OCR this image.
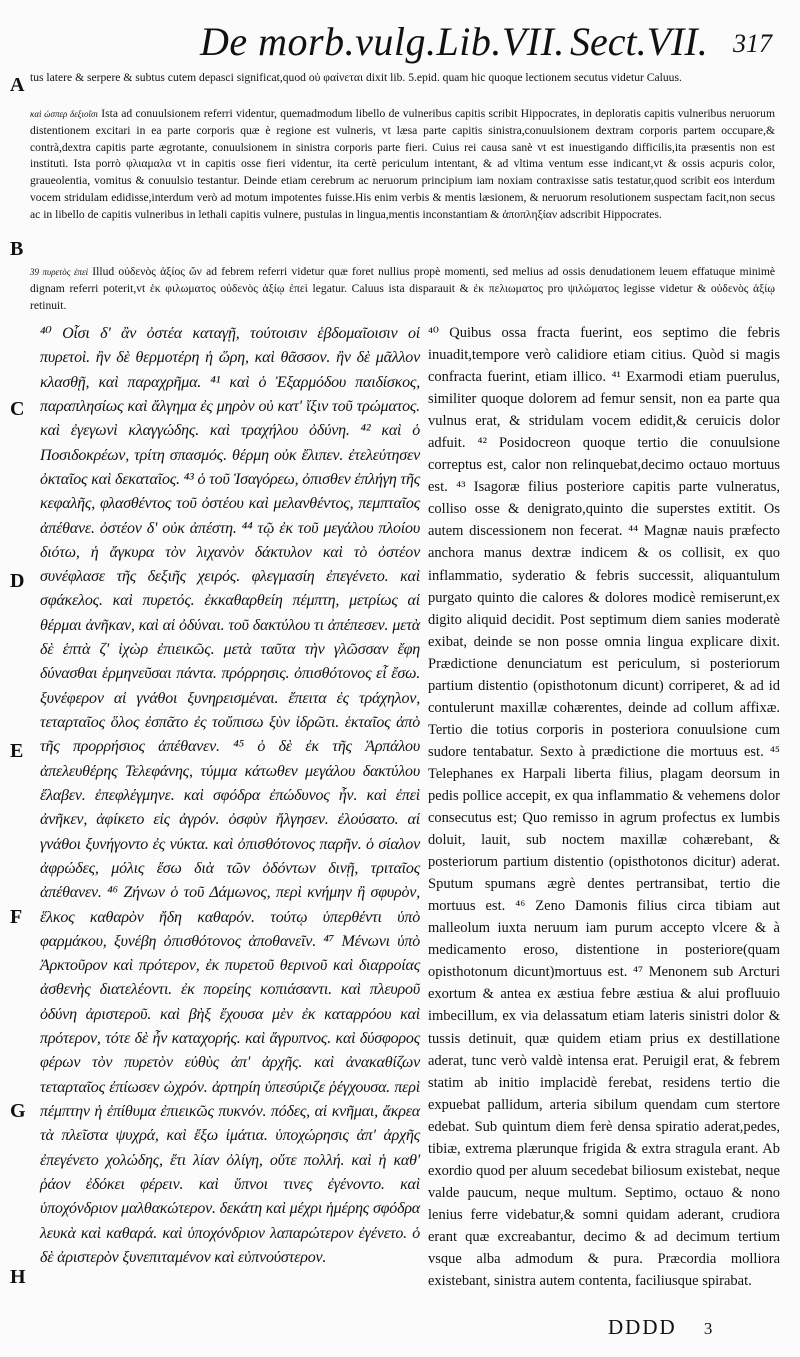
De morb.vulg.Lib.VII. Sect.VII. 317
A
B
C
D
E
F
G
H

tus latere & serpere & subtus cutem depasci significat,quod οὐ φαίνεται dixit lib. 5.epid. quam hic quoque lectionem secutus videtur Caluus.

καὶ ὡσπερ δεξιοῖσι Ista ad conuulsionem referri videntur, quemadmodum libello de vulneribus capitis scribit Hippocrates, in deploratis capitis vulneribus neruorum distentionem excitari in ea parte corporis quæ è regione est vulneris, vt læsa parte capitis sinistra,conuulsionem dextram corporis partem occupare,& contrà,dextra capitis parte ægrotante, conuulsionem in sinistra corporis parte fieri. Cuius rei causa sanè vt est inuestigando difficilis,ita præsentis non est instituti. Ista porrò φλιαμαλα vt in capitis osse fieri videntur, ita certè periculum intentant, & ad vltima ventum esse indicant,vt & ossis acpuris color, graueolentia, vomitus & conuulsio testantur. Deinde etiam cerebrum ac neruorum principium iam noxiam contraxisse satis testatur,quod scribit eos interdum vocem stridulam edidisse,interdum verò ad motum impotentes fuisse.His enim verbis & mentis læsionem, & neruorum resolutionem suspectam facit,non secus ac in libello de capitis vulneribus in lethali capitis vulnere, pustulas in lingua,mentis inconstantiam & ἀπoπληξίαν adscribit Hippocrates.

39 πυρετὸς ἐπεὶ Illud οὐδενὸς ἀξίος ὤν ad febrem referri videtur quæ foret nullius propè momenti, sed melius ad ossis denudationem leuem effatuque minimè dignam referri poterit,vt ἐκ φιλωματος οὐδενὸς ἀξίῳ ἐπεὶ legatur. Caluus ista disparauit & ἐκ πελιωματος pro ψιλώματος legisse videtur & οὐδενὸς ἀξίῳ retinuit.

⁴⁰ Οἷσι δ' ἂν ὀστέα καταγῇ, τούτοισιν ἑβδομαῖοισιν οἱ πυρετοὶ. ἢν δὲ θερμοτέρη ἡ ὥρη, καὶ θᾶσσον. ἢν δὲ μᾶλλον κλασθῇ, καὶ παραχρῆμα. ⁴¹ καὶ ὁ Ἐξαρμόδου παιδίσκος, παραπλησίως καὶ ἄλγημα ἐς μηρὸν οὐ κατ' ἴξιν τοῦ τρώματος. καὶ ἐγεγωνὶ κλαγγώδης. καὶ τραχήλου ὀδύνη. ⁴² καὶ ὁ Ποσιδοκρέων, τρίτη σπασμός. θέρμη οὐκ ἔλιπεν. ἐτελεύτησεν ὀκταῖος καὶ δεκαταῖος. ⁴³ ὁ τοῦ Ἰσαγόρεω, ὀπισθεν ἐπλήγη τῆς κεφαλῆς, φλασθέντος τοῦ ὀστέου καὶ μελανθέντος, πεμπταῖος ἀπέθανε. ὀστέον δ' οὐκ ἀπέστη. ⁴⁴ τῷ ἐκ τοῦ μεγάλου πλοίου διότω, ἡ ἄγκυρα τὸν λιχανὸν δάκτυλον καὶ τὸ ὀστέον συνέφλασε τῆς δεξιῆς χειρός. φλεγμασίη ἐπεγένετο. καὶ σφάκελος. καὶ πυρετός. ἐκκαθαρθείη πέμπτη, μετρίως αἱ θέρμαι ἀνῆκαν, καὶ αἱ ὀδύναι. τοῦ δακτύλου τι ἀπέπεσεν. μετὰ δὲ ἑπτὰ ζ' ἰχὼρ ἐπιεικῶς. μετὰ ταῦτα τὴν γλῶσσαν ἔφη δύνασθαι ἑρμηνεῦσαι πάντα. πρόρρησις. ὀπισθότονος εἶ ἔσω. ξυνέφερον αἱ γνάθοι ξυνηρεισμέναι. ἔπειτα ἐς τράχηλον, τεταρταῖος ὅλος ἐσπᾶτο ἐς τοὔπισω ξὺν ἱδρῶτι. ἑκταῖος ἀπὸ τῆς προρρήσιος ἀπέθανεν. ⁴⁵ ὁ δὲ ἐκ τῆς Ἁρπάλου ἀπελευθέρης Τελεφάνης, τύμμα κάτωθεν μεγάλου δακτύλου ἔλαβεν. ἐπεφλέγμηνε. καὶ σφόδρα ἐπώδυνος ἦν. καὶ ἐπεὶ ἀνῆκεν, ἀφίκετο εἰς ἀγρόν. ὀσφὺν ἤλγησεν. ἐλούσατο. αἱ γνάθοι ξυνήγοντο ἐς νύκτα. καὶ ὀπισθότονος παρῆν. ὁ σίαλον ἀφρώδες, μόλις ἔσω διὰ τῶν ὀδόντων δινῇ, τριταῖος ἀπέθανεν. ⁴⁶ Ζήνων ὁ τοῦ Δάμωνος, περὶ κνήμην ἢ σφυρὸν, ἕλκος καθαρὸν ἤδη καθαρόν. τούτῳ ὑπερθέντι ὑπὸ φαρμάκου, ξυνέβη ὀπισθότονος ἀποθανεῖν. ⁴⁷ Μένωνι ὑπὸ Ἀρκτοῦρον καὶ πρότερον, ἐκ πυρετοῦ θερινοῦ καὶ διαρροίας ἀσθενὴς διατελέοντι. ἐκ πορείης κοπιάσαντι. καὶ πλευροῦ ὀδύνη ἀριστεροῦ. καὶ βὴξ ἔχουσα μὲν ἐκ καταρρόου καὶ πρότερον, τότε δὲ ἦν καταχορής. καὶ ἄγρυπνος. καὶ δύσφορος φέρων τὸν πυρετὸν εὐθὺς ἀπ' ἀρχῆς. καὶ ἀνακαθίζων τεταρταῖος ἐπίωσεν ὠχρόν. ἀρτηρίη ὑπεσύριζε ῥέγχουσα. περὶ πέμπτην ἡ ἐπίθυμα ἐπιεικῶς πυκνόν. πόδες, αἱ κνῆμαι, ἄκρεα τὰ πλεῖστα ψυχρά, καὶ ἔξω ἱμάτια. ὑποχώρησις ἀπ' ἀρχῆς ἐπεγένετο χολώδης, ἔτι λίαν ὀλίγη, οὔτε πολλή. καὶ ἡ καθ' ῥάον ἐδόκει φέρειν. καὶ ὕπνοι τινες ἐγένοντο. καὶ ὑποχόνδριον μαλθακώτερον. δεκάτη καὶ μέχρι ἡμέρης σφόδρα λευκὰ καὶ καθαρά. καὶ ὑποχόνδριον λαπαρώτερον ἐγένετο. ὁ δὲ ἀριστερὸν ξυνεπιταμένον καὶ εὐπνούστερον.

⁴⁰ Quibus ossa fracta fuerint, eos septimo die febris inuadit,tempore verò calidiore etiam citius. Quòd si magis confracta fuerint, etiam illico. ⁴¹ Exarmodi etiam puerulus, similiter quoque dolorem ad femur sensit, non ea parte qua vulnus erat, & stridulam vocem edidit,& ceruicis dolor adfuit. ⁴² Posidocreon quoque tertio die conuulsione correptus est, calor non relinquebat,decimo octauo mortuus est. ⁴³ Isagoræ filius posteriore capitis parte vulneratus, colliso osse & denigrato,quinto die superstes extitit. Os autem discessionem non fecerat. ⁴⁴ Magnæ nauis præfecto anchora manus dextræ indicem & os collisit, ex quo inflammatio, syderatio & febris successit, aliquantulum purgato quinto die calores & dolores modicè remiserunt,ex digito aliquid decidit. Post septimum diem sanies moderatè exibat, deinde se non posse omnia lingua explicare dixit. Prædictione denunciatum est periculum, si posteriorum partium distentio (opisthotonum dicunt) corriperet, & ad id contulerunt maxillæ cohærentes, deinde ad collum affixæ. Tertio die totius corporis in posteriora conuulsione cum sudore tentabatur. Sexto à prædictione die mortuus est. ⁴⁵ Telephanes ex Harpali liberta filius, plagam deorsum in pedis pollice accepit, ex qua inflammatio & vehemens dolor consecutus est; Quo remisso in agrum profectus ex lumbis doluit, lauit, sub noctem maxillæ cohærebant, & posteriorum partium distentio (opisthotonos dicitur) aderat. Sputum spumans ægrè dentes pertransibat, tertio die mortuus est. ⁴⁶ Zeno Damonis filius circa tibiam aut malleolum iuxta neruum iam purum accepto vlcere & à medicamento eroso, distentione in posteriore(quam opisthotonum dicunt)mortuus est. ⁴⁷ Menonem sub Arcturi exortum & antea ex æstiua febre æstiua & alui profluuio imbecillum, ex via delassatum etiam lateris sinistri dolor & tussis detinuit, quæ quidem etiam prius ex destillatione aderat, tunc verò valdè intensa erat. Peruigil erat, & febrem statim ab initio implacidè ferebat, residens tertio die expuebat pallidum, arteria sibilum quendam cum stertore edebat. Sub quintum diem ferè densa spiratio aderat,pedes, tibiæ, extrema plærunque frigida & extra stragula erant. Ab exordio quod per aluum secedebat biliosum existebat, neque valde paucum, neque multum. Septimo, octauo & nono lenius ferre videbatur,& somni quidam aderant, crudiora erant quæ excreabantur, decimo & ad decimum tertium vsque alba admodum & pura. Præcordia molliora existebant, sinistra autem contenta, faciliusque spirabat.

DDDD 3
